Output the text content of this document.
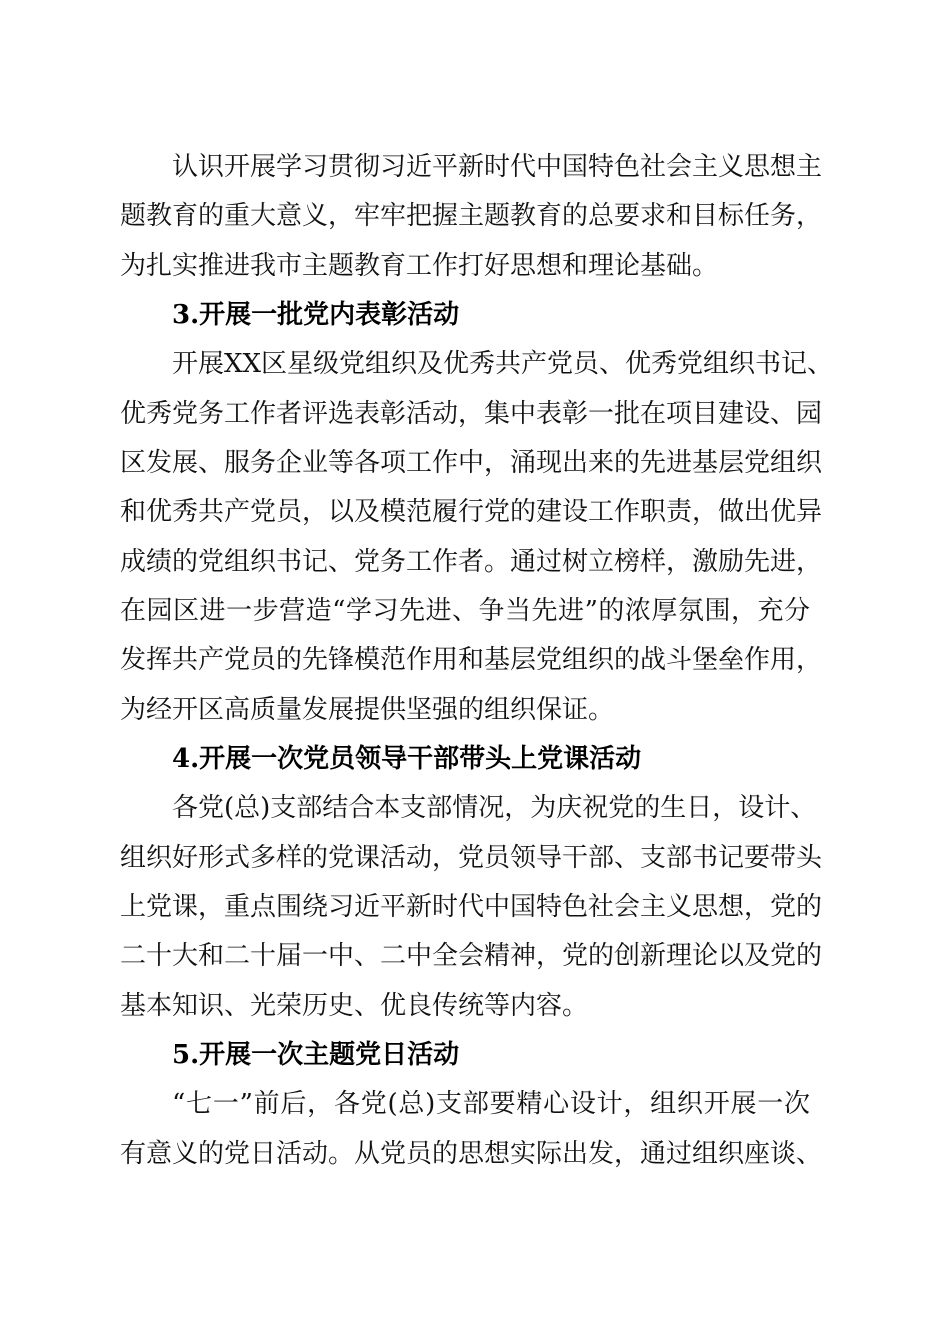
认识开展学习贯彻习近平新时代中国特色社会主义思想主
题教育的重大意义，牢牢把握主题教育的总要求和目标任务，
为扎实推进我市主题教育工作打好思想和理论基础。
3.开展一批党内表彰活动
开展XX区星级党组织及优秀共产党员、优秀党组织书记、
优秀党务工作者评选表彰活动，集中表彰一批在项目建设、园
区发展、服务企业等各项工作中，涌现出来的先进基层党组织
和优秀共产党员，以及模范履行党的建设工作职责，做出优异
成绩的党组织书记、党务工作者。通过树立榜样，激励先进，
在园区进一步营造“学习先进、争当先进”的浓厚氛围，充分
发挥共产党员的先锋模范作用和基层党组织的战斗堡垒作用，
为经开区高质量发展提供坚强的组织保证。
4.开展一次党员领导干部带头上党课活动
各党(总)支部结合本支部情况，为庆祝党的生日，设计、
组织好形式多样的党课活动，党员领导干部、支部书记要带头
上党课，重点围绕习近平新时代中国特色社会主义思想，党的
二十大和二十届一中、二中全会精神，党的创新理论以及党的
基本知识、光荣历史、优良传统等内容。
5.开展一次主题党日活动
“七一”前后，各党(总)支部要精心设计，组织开展一次
有意义的党日活动。从党员的思想实际出发，通过组织座谈、
